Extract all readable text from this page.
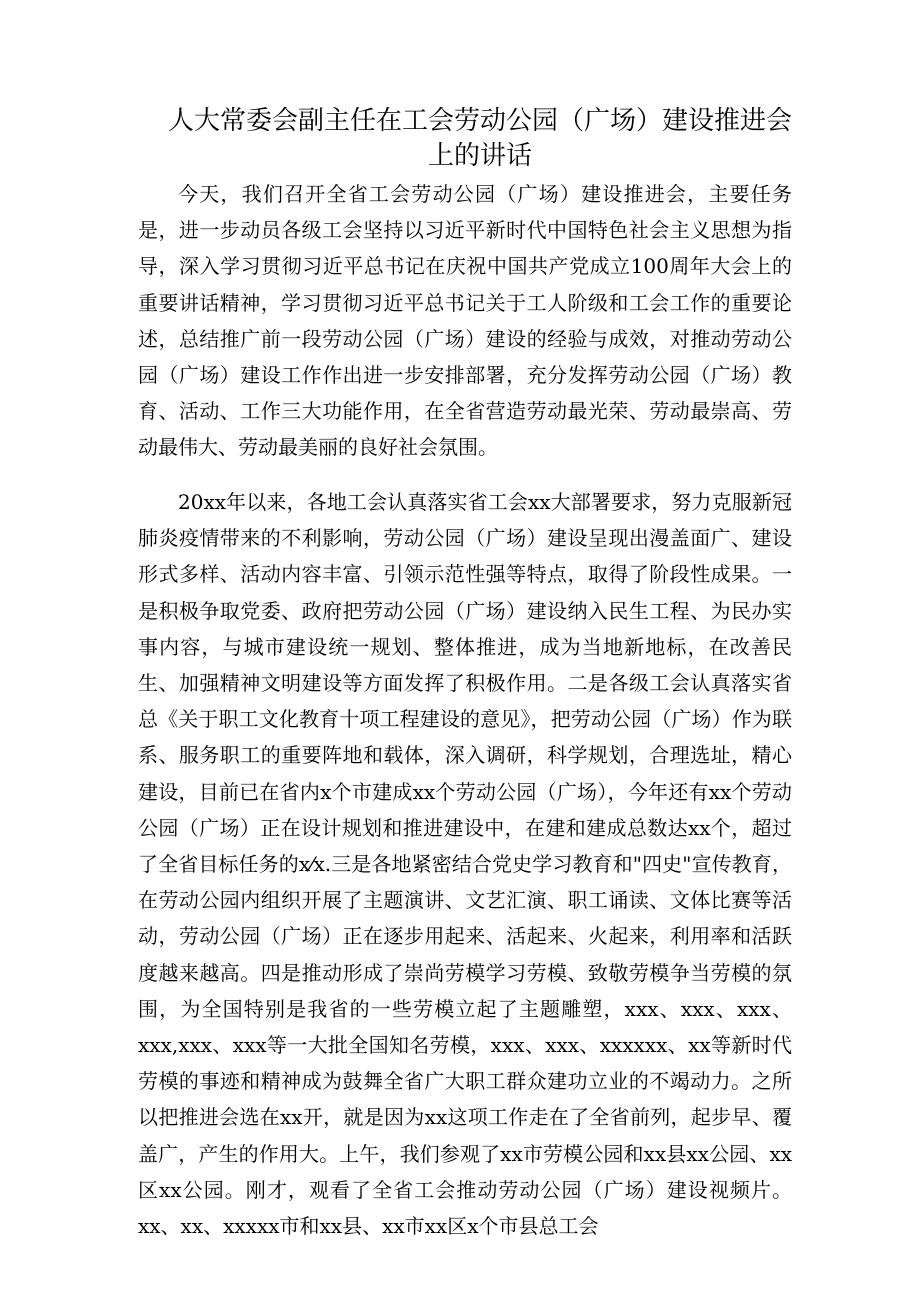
人大常委会副主任在工会劳动公园（广场）建设推进会上的讲话

今天，我们召开全省工会劳动公园（广场）建设推进会，主要任务是，进一步动员各级工会坚持以习近平新时代中国特色社会主义思想为指导，深入学习贯彻习近平总书记在庆祝中国共产党成立100周年大会上的重要讲话精神，学习贯彻习近平总书记关于工人阶级和工会工作的重要论述，总结推广前一段劳动公园（广场）建设的经验与成效，对推动劳动公园（广场）建设工作作出进一步安排部署，充分发挥劳动公园（广场）教育、活动、工作三大功能作用，在全省营造劳动最光荣、劳动最崇高、劳动最伟大、劳动最美丽的良好社会氛围。

20xx年以来，各地工会认真落实省工会xx大部署要求，努力克服新冠肺炎疫情带来的不利影响，劳动公园（广场）建设呈现出漫盖面广、建设形式多样、活动内容丰富、引领示范性强等特点，取得了阶段性成果。一是积极争取党委、政府把劳动公园（广场）建设纳入民生工程、为民办实事内容，与城市建设统一规划、整体推进，成为当地新地标，在改善民生、加强精神文明建设等方面发挥了积极作用。二是各级工会认真落实省总《关于职工文化教育十项工程建设的意见》，把劳动公园（广场）作为联系、服务职工的重要阵地和载体，深入调研，科学规划，合理选址，精心建设，目前已在省内x个市建成xx个劳动公园（广场），今年还有xx个劳动公园（广场）正在设计规划和推进建设中，在建和建成总数达xx个，超过了全省目标任务的x⁄x.三是各地紧密结合党史学习教育和"四史"宣传教育，在劳动公园内组织开展了主题演讲、文艺汇演、职工诵读、文体比赛等活动，劳动公园（广场）正在逐步用起来、活起来、火起来，利用率和活跃度越来越高。四是推动形成了崇尚劳模学习劳模、致敬劳模争当劳模的氛围，为全国特别是我省的一些劳模立起了主题雕塑，xxx、xxx、xxx、xxx,xxx、xxx等一大批全国知名劳模，xxx、xxx、xxxxxx、xx等新时代劳模的事迹和精神成为鼓舞全省广大职工群众建功立业的不竭动力。之所以把推进会选在xx开，就是因为xx这项工作走在了全省前列，起步早、覆盖广，产生的作用大。上午，我们参观了xx市劳模公园和xx县xx公园、xx区xx公园。刚才，观看了全省工会推动劳动公园（广场）建设视频片。xx、xx、xxxxx市和xx县、xx市xx区x个市县总工会
